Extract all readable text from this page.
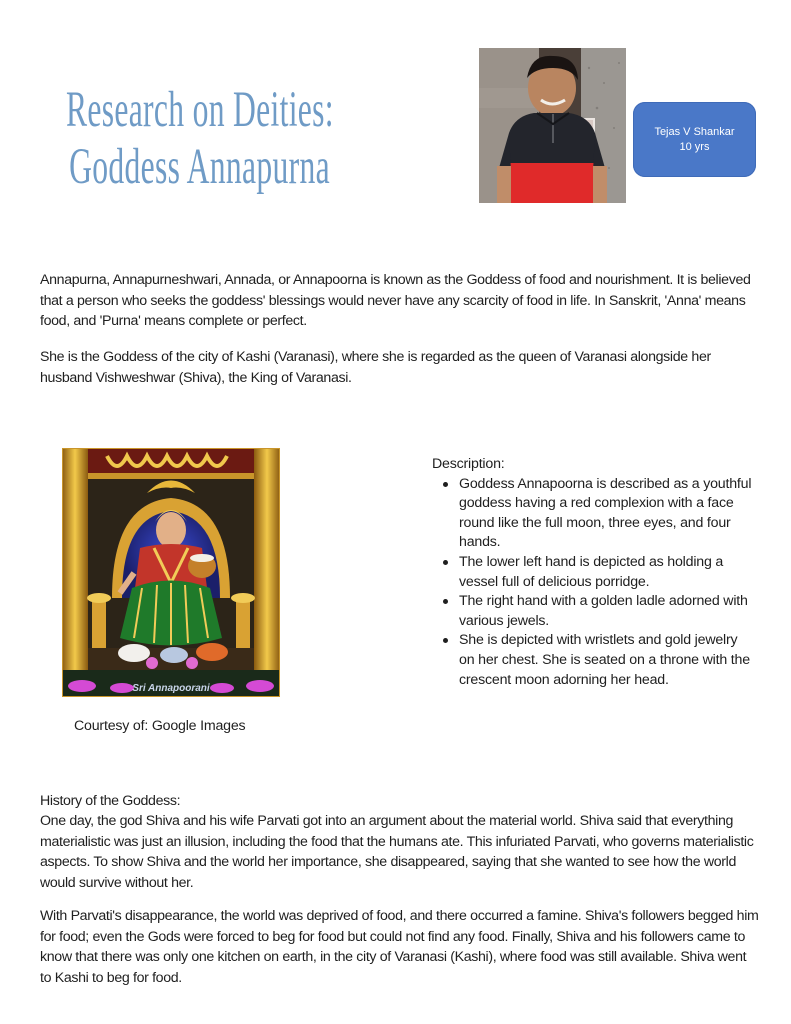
Research on Deities:
Goddess Annapurna
Tejas V Shankar
10 yrs

Annapurna, Annapurneshwari, Annada, or Annapoorna is known as the Goddess of food and nourishment. It is believed that a person who seeks the goddess' blessings would never have any scarcity of food in life. In Sanskrit, 'Anna' means food, and 'Purna' means complete or perfect.

She is the Goddess of the city of Kashi (Varanasi), where she is regarded as the queen of Varanasi alongside her husband Vishweshwar (Shiva), the King of Varanasi.

Sri Annapoorani
Courtesy of: Google Images
Description:
Goddess Annapoorna is described as a youthful goddess having a red complexion with a face round like the full moon, three eyes, and four hands.
The lower left hand is depicted as holding a vessel full of delicious porridge.
The right hand with a golden ladle adorned with various jewels.
She is depicted with wristlets and gold jewelry on her chest. She is seated on a throne with the crescent moon adorning her head.
History of the Goddess:

One day, the god Shiva and his wife Parvati got into an argument about the material world. Shiva said that everything materialistic was just an illusion, including the food that the humans ate. This infuriated Parvati, who governs materialistic aspects. To show Shiva and the world her importance, she disappeared, saying that she wanted to see how the world would survive without her.

With Parvati's disappearance, the world was deprived of food, and there occurred a famine. Shiva's followers begged him for food; even the Gods were forced to beg for food but could not find any food. Finally, Shiva and his followers came to know that there was only one kitchen on earth, in the city of Varanasi (Kashi), where food was still available. Shiva went to Kashi to beg for food.
